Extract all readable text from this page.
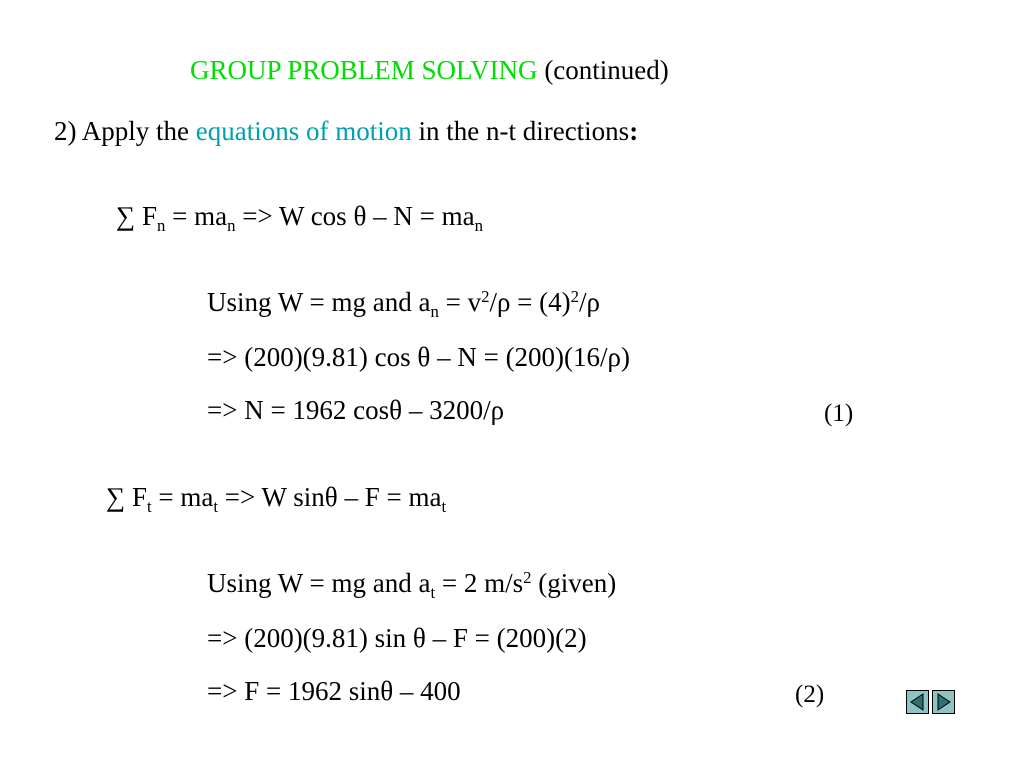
GROUP PROBLEM SOLVING (continued)
2) Apply the equations of motion in the n-t directions:
∑ $F_n = ma_n => W$ $\cos \theta - N = ma_n$
Using W = mg and $a_n = v^2/\rho = (4)^2/\rho$
=> (200)(9.81) cos θ – N = (200)(16/ρ)
=> N = 1962 cosθ – 3200/ρ	(1)
∑ $F_t = ma_t => W$ $\sin\theta - F = ma_t$
Using W = mg and $a_t = 2$ $m/s^2$ (given)
=> (200)(9.81) sin θ – F = (200)(2)
=> F = 1962 sinθ – 400	(2)
